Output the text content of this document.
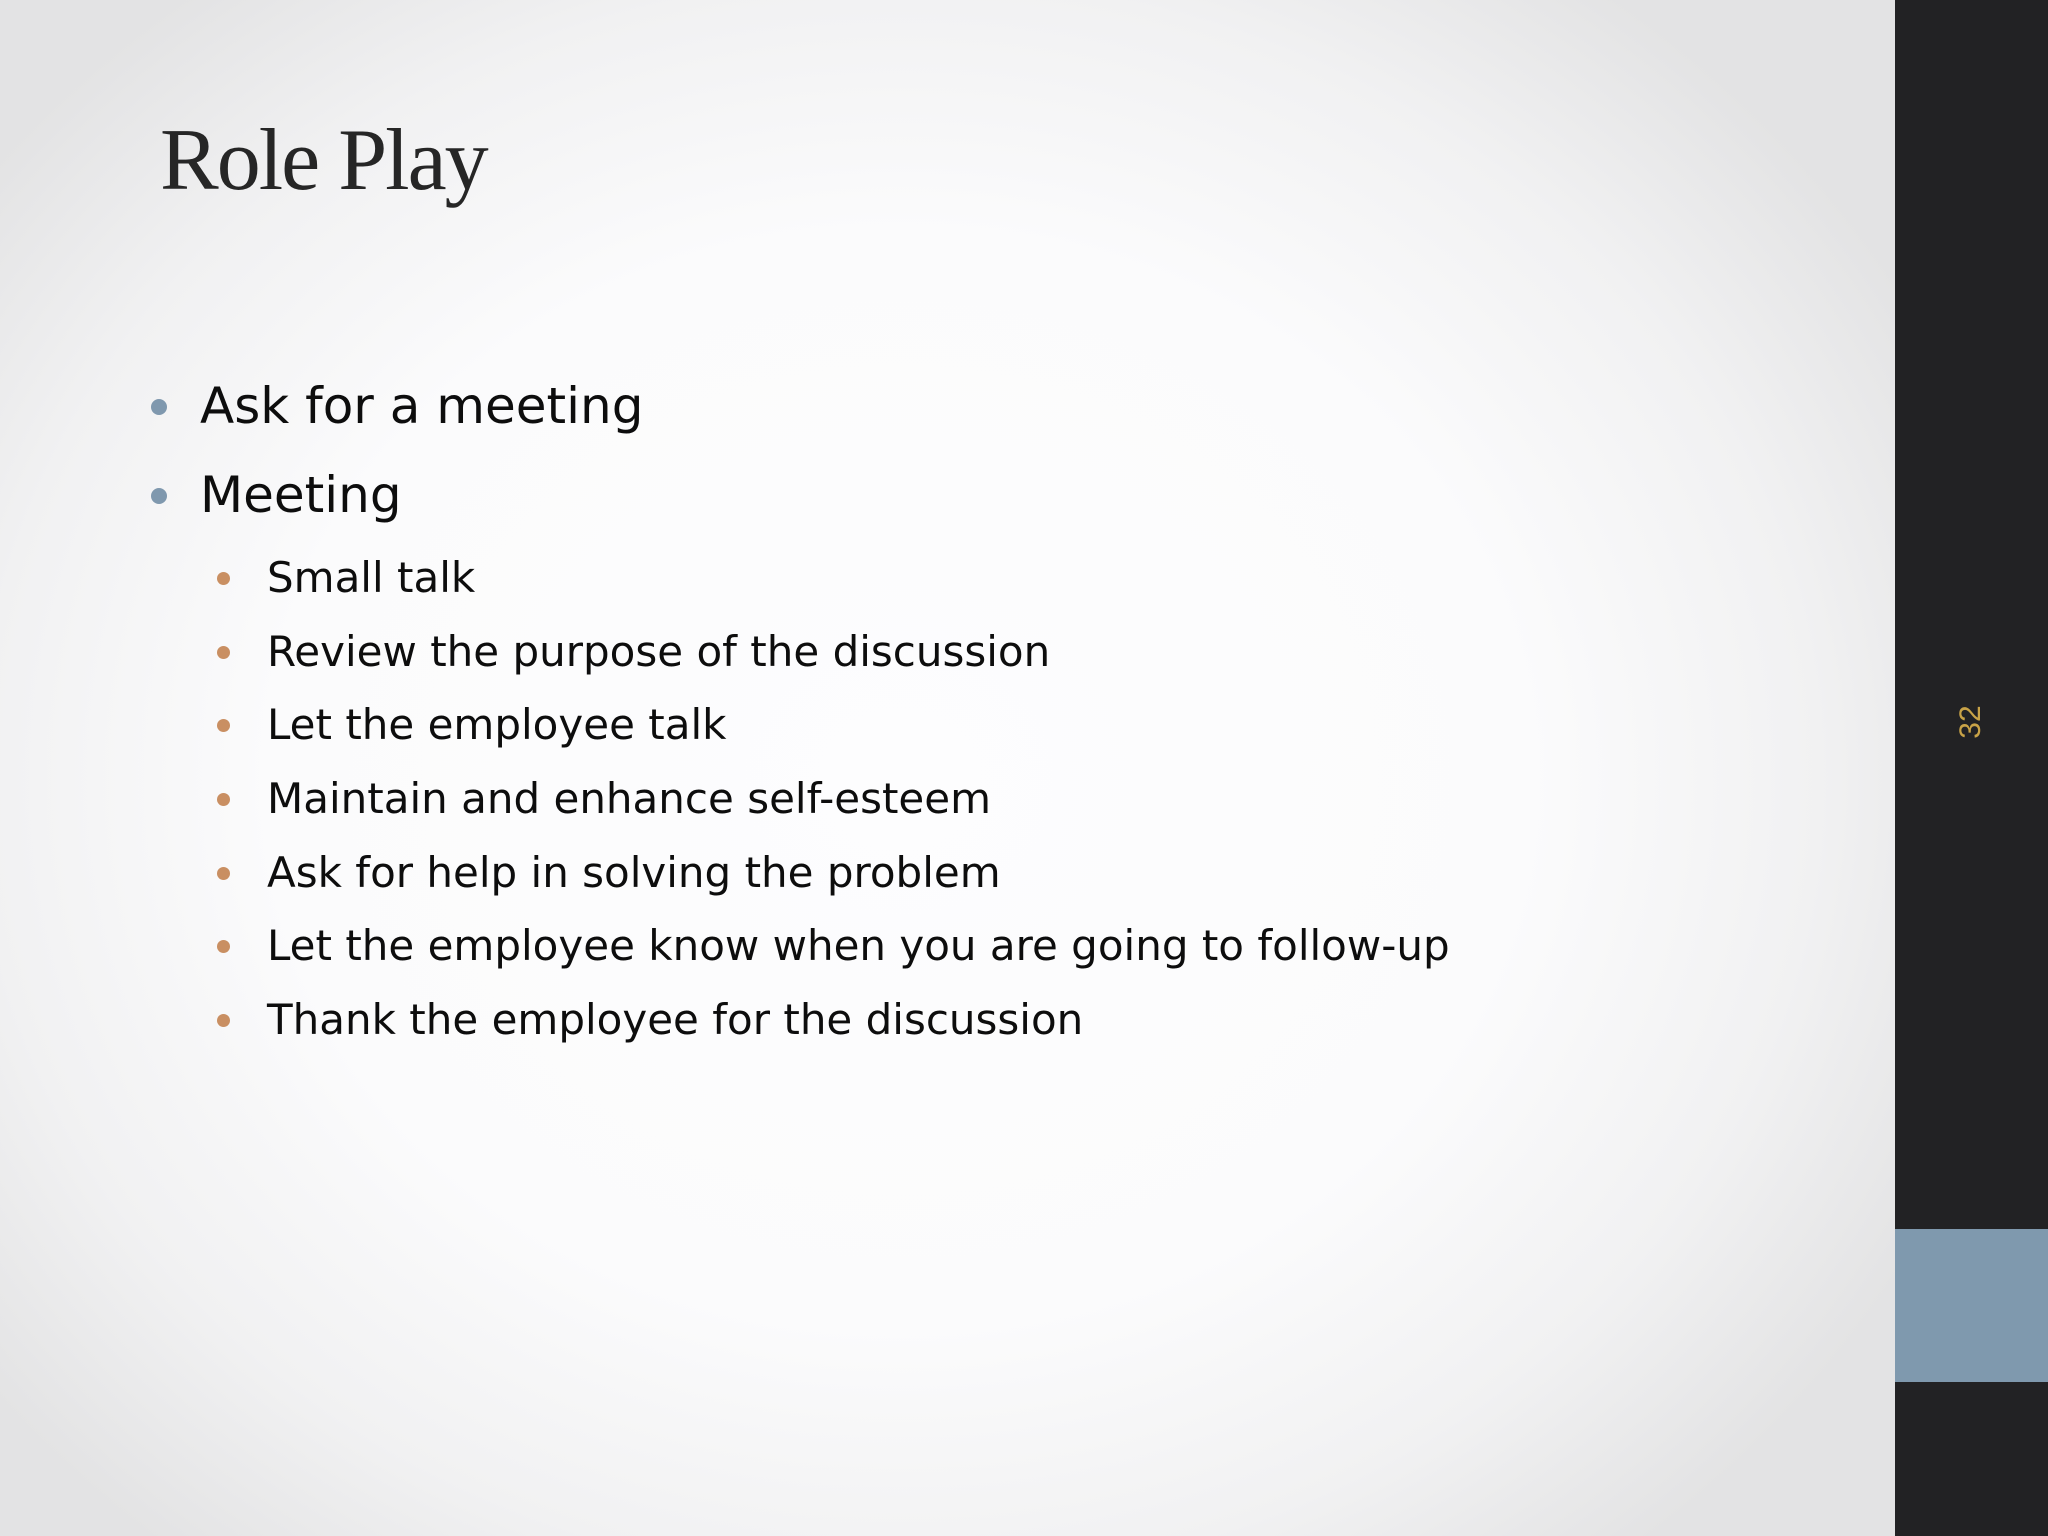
Role Play
Ask for a meeting
Meeting
Small talk
Review the purpose of the discussion
Let the employee talk
Maintain and enhance self-esteem
Ask for help in solving the problem
Let the employee know when you are going to follow-up
Thank the employee for the discussion
32
